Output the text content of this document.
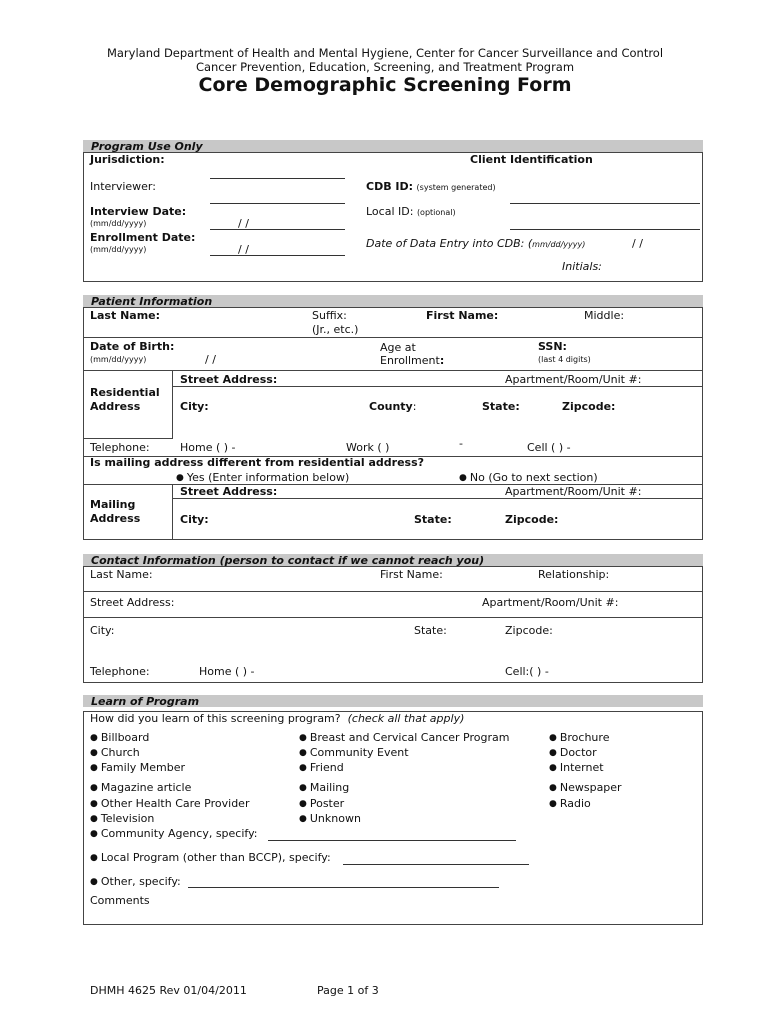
Maryland Department of Health and Mental Hygiene, Center for Cancer Surveillance and Control
Cancer Prevention, Education, Screening, and Treatment Program
Core Demographic Screening Form
Program Use Only
Jurisdiction:	Client Identification
Interviewer:	CDB ID: (system generated)
Interview Date:
(mm/dd/yyyy)	/ /
Local ID: (optional)
Enrollment Date:
(mm/dd/yyyy)	/ /	Date of Data Entry into CDB: (mm/dd/yyyy)	/ /
Initials:
Patient Information
Last Name:	Suffix:
(Jr., etc.)
First Name:	Middle:
Date of Birth:
(mm/dd/yyyy)	/ /
Age at
Enrollment:
SSN:
(last 4 digits)
Residential
Address
Street Address:	Apartment/Room/Unit #:
City:	County:	State:	Zipcode:
Telephone:	Home ( ) -	Work ( )	-	Cell ( ) -
Is mailing address different from residential address?
● Yes (Enter information below)
●	No (Go to next section)
Mailing
Address
Street Address:	Apartment/Room/Unit #:
City:	State:	Zipcode:
Contact Information (person to contact if we cannot reach you)
Last Name:	First Name:	Relationship:
Street Address:	Apartment/Room/Unit #:
City:	State:	Zipcode:
Telephone:	Home ( ) -	Cell:( ) -
Learn of Program
How did you learn of this screening program? (check all that apply)
● Billboard
● Church
● Family Member
● Breast and Cervical Cancer Program
● Community Event
● Friend
● Brochure
● Doctor
● Internet
● Magazine article
● Other Health Care Provider
● Television
● Mailing
● Poster
● Unknown
● Newspaper
● Radio
● Community Agency, specify:
● Local Program (other than BCCP), specify:
● Other, specify:
Comments
DHMH 4625 Rev 01/04/2011	Page 1 of 3
